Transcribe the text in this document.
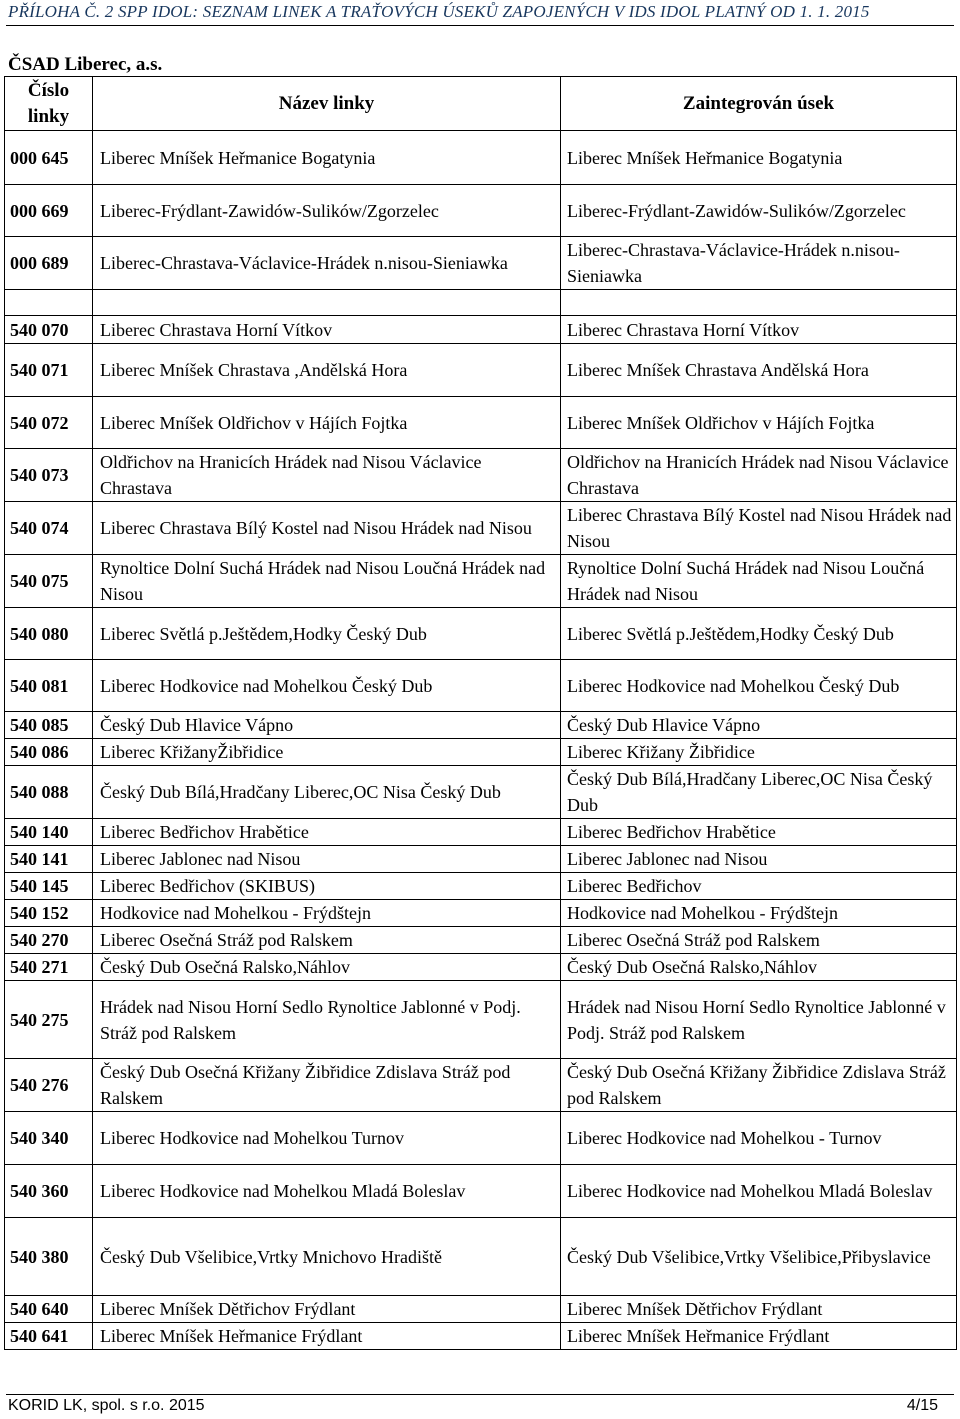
PŘÍLOHA Č. 2 SPP IDOL: SEZNAM LINEK A TRAŤOVÝCH ÚSEKŮ ZAPOJENÝCH V IDS IDOL PLATNÝ OD 1. 1. 2015
ČSAD Liberec, a.s.
Číslo linky	Název linky	Zaintegrován úsek
000 645	Liberec Mníšek Heřmanice Bogatynia	Liberec Mníšek Heřmanice Bogatynia
000 669	Liberec-Frýdlant-Zawidów-Sulików/Zgorzelec	Liberec-Frýdlant-Zawidów-Sulików/Zgorzelec
000 689	Liberec-Chrastava-Václavice-Hrádek n.nisou-Sieniawka	Liberec-Chrastava-Václavice-Hrádek n.nisou-Sieniawka

540 070	Liberec Chrastava Horní Vítkov	Liberec Chrastava Horní Vítkov
540 071	Liberec Mníšek Chrastava ,Andělská Hora	Liberec Mníšek Chrastava Andělská Hora
540 072	Liberec Mníšek Oldřichov v Hájích Fojtka	Liberec Mníšek Oldřichov v Hájích Fojtka
540 073	Oldřichov na Hranicích Hrádek nad Nisou Václavice Chrastava	Oldřichov na Hranicích Hrádek nad Nisou Václavice Chrastava
540 074	Liberec Chrastava Bílý Kostel nad Nisou Hrádek nad Nisou	Liberec Chrastava Bílý Kostel nad Nisou Hrádek nad Nisou
540 075	Rynoltice Dolní Suchá Hrádek nad Nisou Loučná Hrádek nad Nisou	Rynoltice Dolní Suchá Hrádek nad Nisou Loučná Hrádek nad Nisou
540 080	Liberec Světlá p.Ještědem,Hodky Český Dub	Liberec Světlá p.Ještědem,Hodky Český Dub
540 081	Liberec Hodkovice nad Mohelkou Český Dub	Liberec Hodkovice nad Mohelkou Český Dub
540 085	Český Dub Hlavice Vápno	Český Dub Hlavice Vápno
540 086	Liberec KřižanyŽibřidice	Liberec Křižany Žibřidice
540 088	Český Dub Bílá,Hradčany Liberec,OC Nisa Český Dub	Český Dub Bílá,Hradčany Liberec,OC Nisa Český Dub
540 140	Liberec Bedřichov Hrabětice	Liberec Bedřichov Hrabětice
540 141	Liberec Jablonec nad Nisou	Liberec Jablonec nad Nisou
540 145	Liberec Bedřichov (SKIBUS)	Liberec Bedřichov
540 152	Hodkovice nad Mohelkou - Frýdštejn	Hodkovice nad Mohelkou - Frýdštejn
540 270	Liberec Osečná Stráž pod Ralskem	Liberec Osečná Stráž pod Ralskem
540 271	Český Dub Osečná Ralsko,Náhlov	Český Dub Osečná Ralsko,Náhlov
540 275	Hrádek nad Nisou Horní Sedlo Rynoltice Jablonné v Podj. Stráž pod Ralskem	Hrádek nad Nisou Horní Sedlo Rynoltice Jablonné v Podj. Stráž pod Ralskem
540 276	Český Dub Osečná Křižany Žibřidice Zdislava Stráž pod Ralskem	Český Dub Osečná Křižany Žibřidice Zdislava Stráž pod Ralskem
540 340	Liberec Hodkovice nad Mohelkou Turnov	Liberec Hodkovice nad Mohelkou - Turnov
540 360	Liberec Hodkovice nad Mohelkou Mladá Boleslav	Liberec Hodkovice nad Mohelkou Mladá Boleslav
540 380	Český Dub Všelibice,Vrtky Mnichovo Hradiště	Český Dub Všelibice,Vrtky Všelibice,Přibyslavice
540 640	Liberec Mníšek Dětřichov Frýdlant	Liberec Mníšek Dětřichov Frýdlant
540 641	Liberec Mníšek Heřmanice Frýdlant	Liberec Mníšek Heřmanice Frýdlant
KORID LK, spol. s r.o. 2015	4/15
